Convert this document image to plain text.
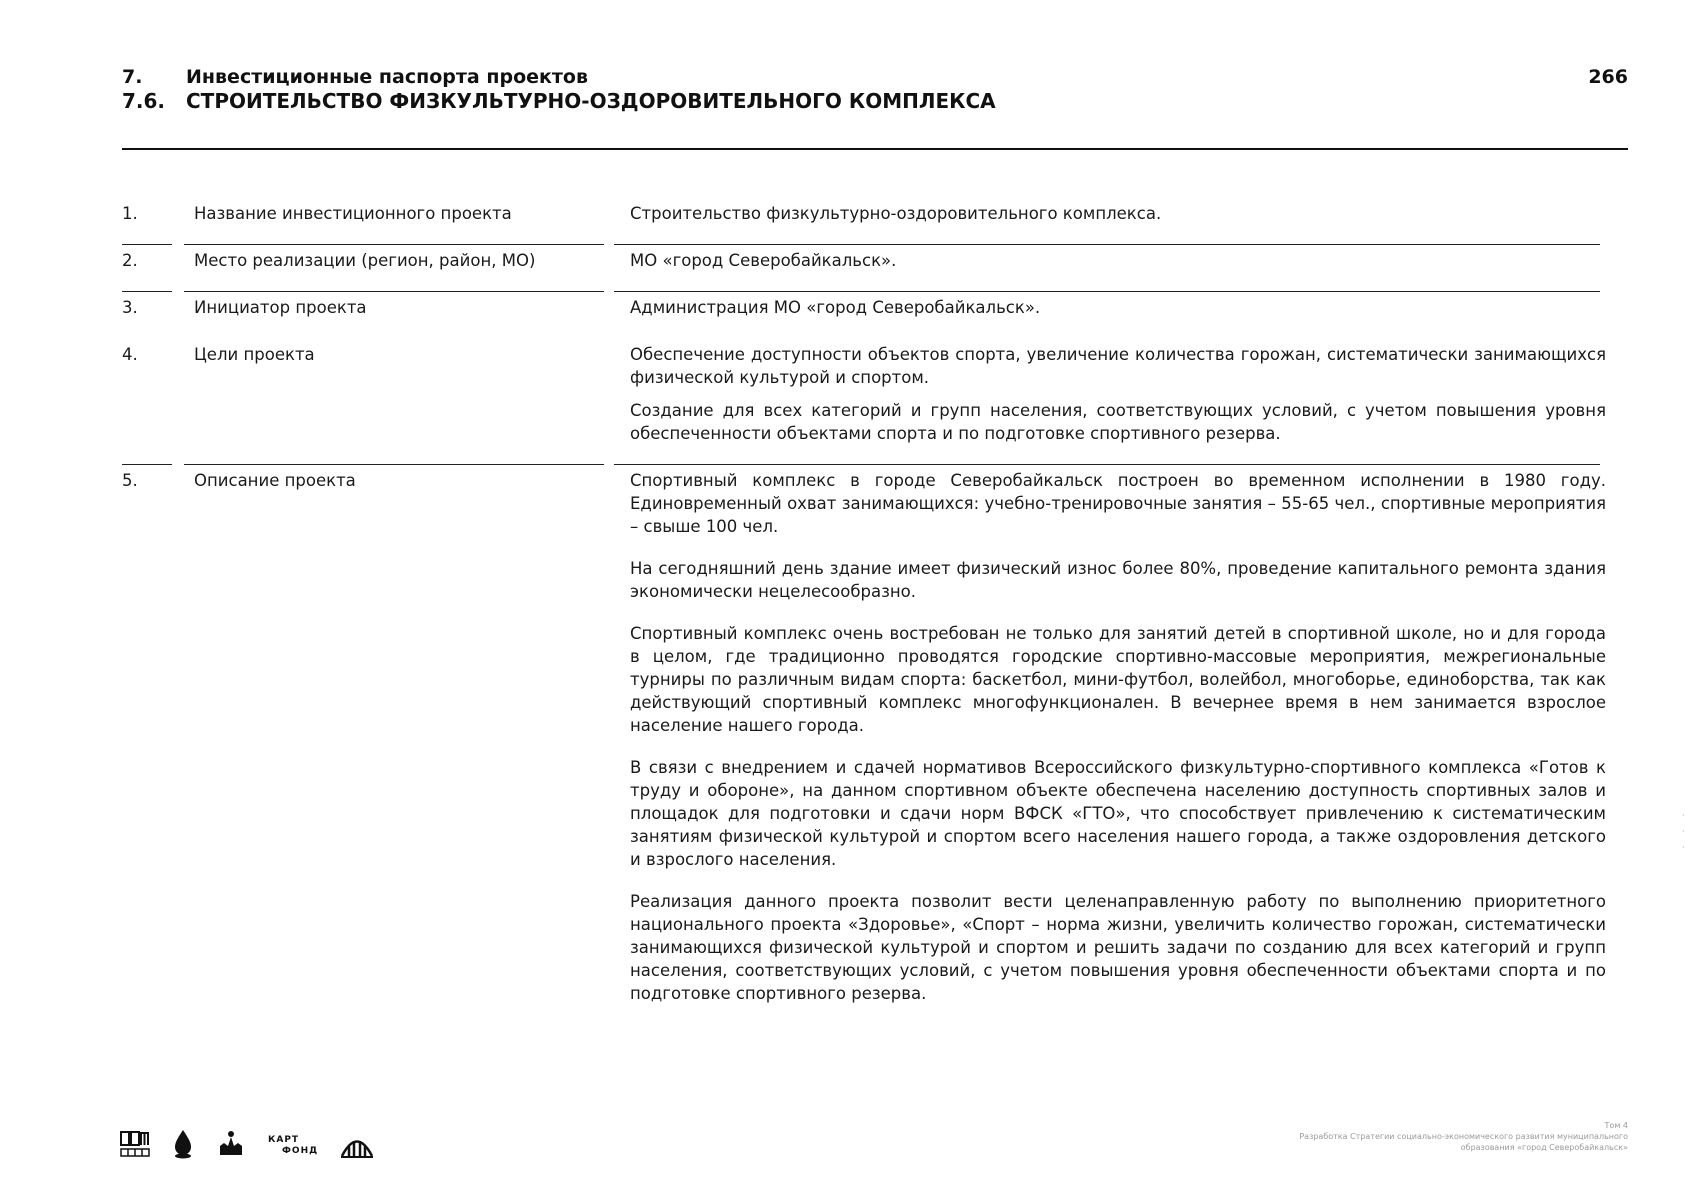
7.	Инвестиционные паспорта проектов
7.6.	СТРОИТЕЛЬСТВО ФИЗКУЛЬТУРНО-ОЗДОРОВИТЕЛЬНОГО КОМПЛЕКСА
266
1.	Название инвестиционного проекта	Строительство физкультурно-оздоровительного комплекса.

2.	Место реализации (регион, район, МО)	МО «город Северобайкальск».

3.	Инициатор проекта	Администрация МО «город Северобайкальск».

4.	Цели проекта	Обеспечение доступности объектов спорта, увеличение количества горожан, систематически занимающихся физической культурой и спортом.

Создание для всех категорий и групп населения, соответствующих условий, с учетом повышения уровня обеспеченности объектами спорта и по подготовке спортивного резерва.

5.	Описание проекта	Спортивный комплекс в городе Северобайкальск построен во временном исполнении в 1980 году. Единовременный охват занимающихся: учебно-тренировочные занятия – 55-65 чел., спортивные мероприятия – свыше 100 чел.

На сегодняшний день здание имеет физический износ более 80%, проведение капитального ремонта здания экономически нецелесообразно.

Спортивный комплекс очень востребован не только для занятий детей в спортивной школе, но и для города в целом, где традиционно проводятся городские спортивно-массовые мероприятия, межрегиональные турниры по различным видам спорта: баскетбол, мини-футбол, волейбол, многоборье, единоборства, так как действующий спортивный комплекс многофункционален. В вечернее время в нем занимается взрослое население нашего города.

В связи с внедрением и сдачей нормативов Всероссийского физкультурно-спортивного комплекса «Готов к труду и обороне», на данном спортивном объекте обеспечена населению доступность спортивных залов и площадок для подготовки и сдачи норм ВФСК «ГТО», что способствует привлечению к систематическим занятиям физической культурой и спортом всего населения нашего города, а также оздоровления детского и взрослого населения.

Реализация данного проекта позволит вести целенаправленную работу по выполнению приоритетного национального проекта «Здоровье», «Спорт – норма жизни, увеличить количество горожан, систематически занимающихся физической культурой и спортом и решить задачи по созданию для всех категорий и групп населения, соответствующих условий, с учетом повышения уровня обеспеченности объектами спорта и по подготовке спортивного резерва.

КАРТ
ФОНД
Том 4
Разработка Стратегии социально-экономического развития муниципального
образования «город Северобайкальск»
·
·
·
